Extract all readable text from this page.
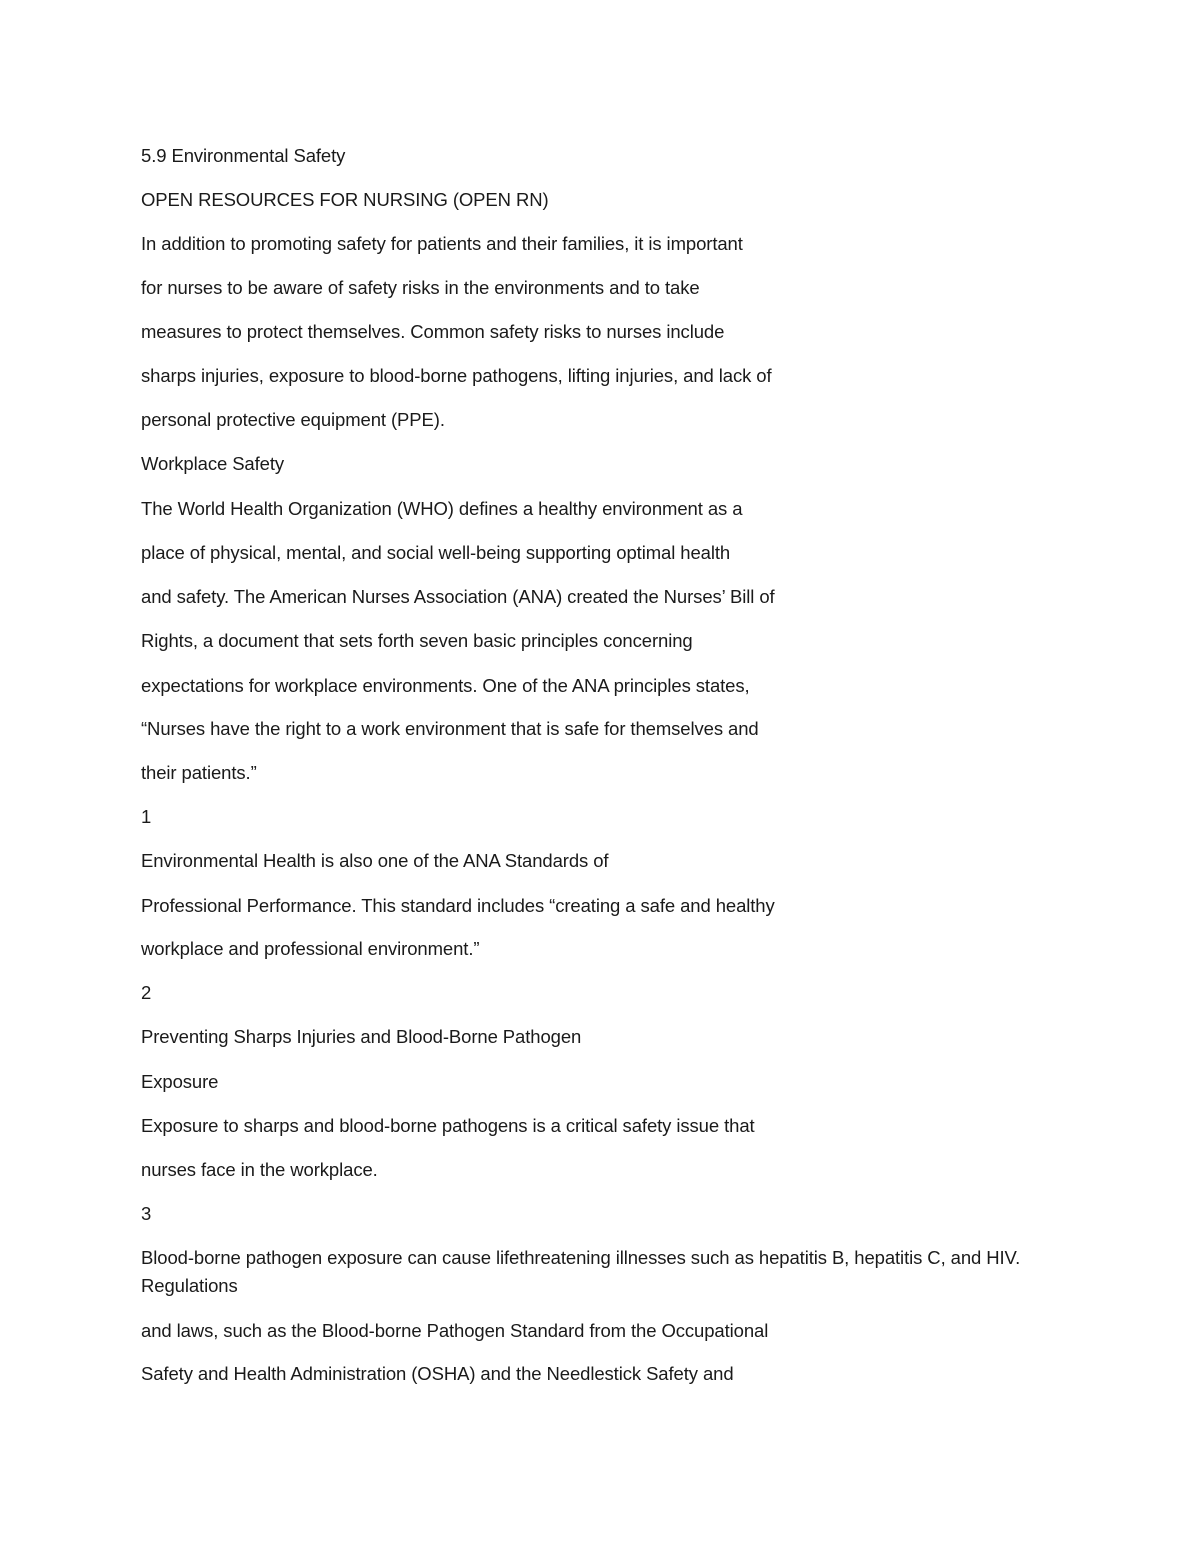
5.9 Environmental Safety
OPEN RESOURCES FOR NURSING (OPEN RN)
In addition to promoting safety for patients and their families, it is important
for nurses to be aware of safety risks in the environments and to take
measures to protect themselves. Common safety risks to nurses include
sharps injuries, exposure to blood-borne pathogens, lifting injuries, and lack of
personal protective equipment (PPE).
Workplace Safety
The World Health Organization (WHO) defines a healthy environment as a
place of physical, mental, and social well-being supporting optimal health
and safety. The American Nurses Association (ANA) created the Nurses’ Bill of
Rights, a document that sets forth seven basic principles concerning
expectations for workplace environments. One of the ANA principles states,
“Nurses have the right to a work environment that is safe for themselves and
their patients.”
1
Environmental Health is also one of the ANA Standards of
Professional Performance. This standard includes “creating a safe and healthy
workplace and professional environment.”
2
Preventing Sharps Injuries and Blood-Borne Pathogen
Exposure
Exposure to sharps and blood-borne pathogens is a critical safety issue that
nurses face in the workplace.
3
Blood-borne pathogen exposure can cause lifethreatening illnesses such as hepatitis B, hepatitis C, and HIV. Regulations
and laws, such as the Blood-borne Pathogen Standard from the Occupational
Safety and Health Administration (OSHA) and the Needlestick Safety and
